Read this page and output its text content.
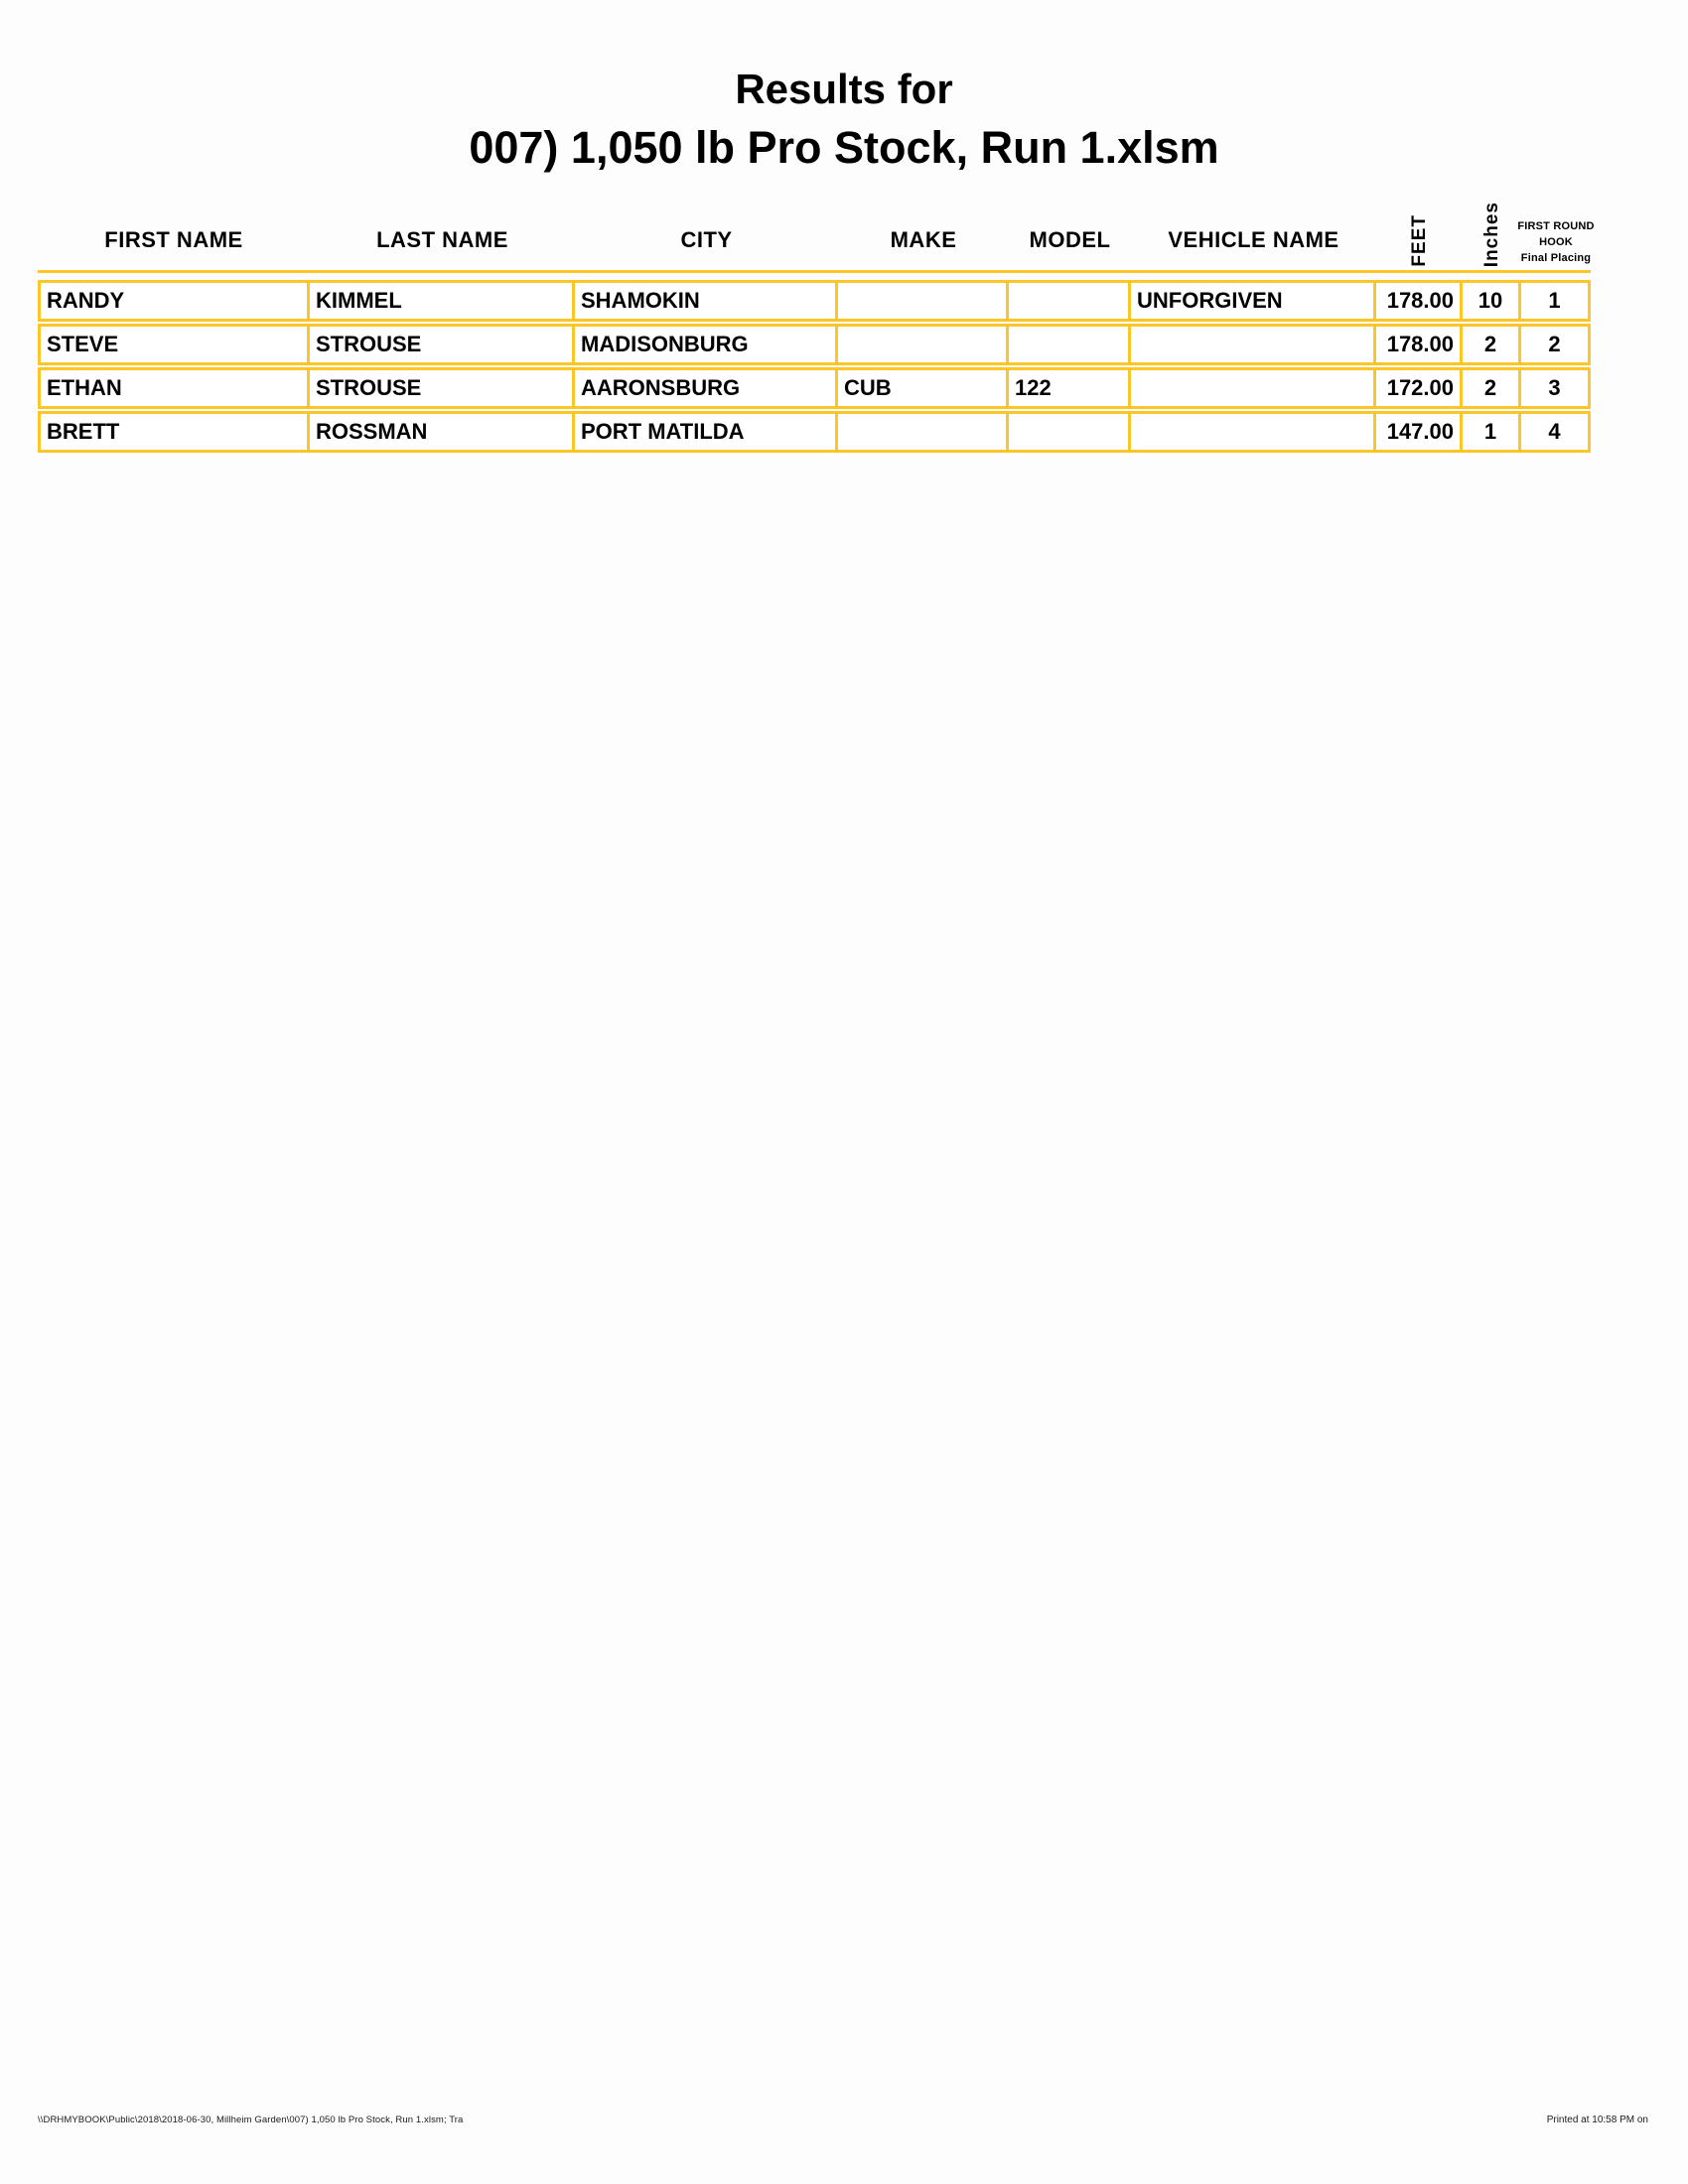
Results for
007) 1,050 lb Pro Stock, Run 1.xlsm
FIRST NAME	LAST NAME	CITY	MAKE	MODEL	VEHICLE NAME	FEET	Inches FIRST ROUND
HOOK
Final Placing
RANDY	KIMMEL	SHAMOKIN			UNFORGIVEN	178.00	10	1
STEVE	STROUSE	MADISONBURG				178.00	2	2
ETHAN	STROUSE	AARONSBURG	CUB	122		172.00	2	3
BRETT	ROSSMAN	PORT MATILDA				147.00	1	4
\\DRHMYBOOK\Public\2018\2018-06-30, Millheim Garden\007) 1,050 lb Pro Stock, Run 1.xlsm; Tra	Printed at 10:58 PM on
